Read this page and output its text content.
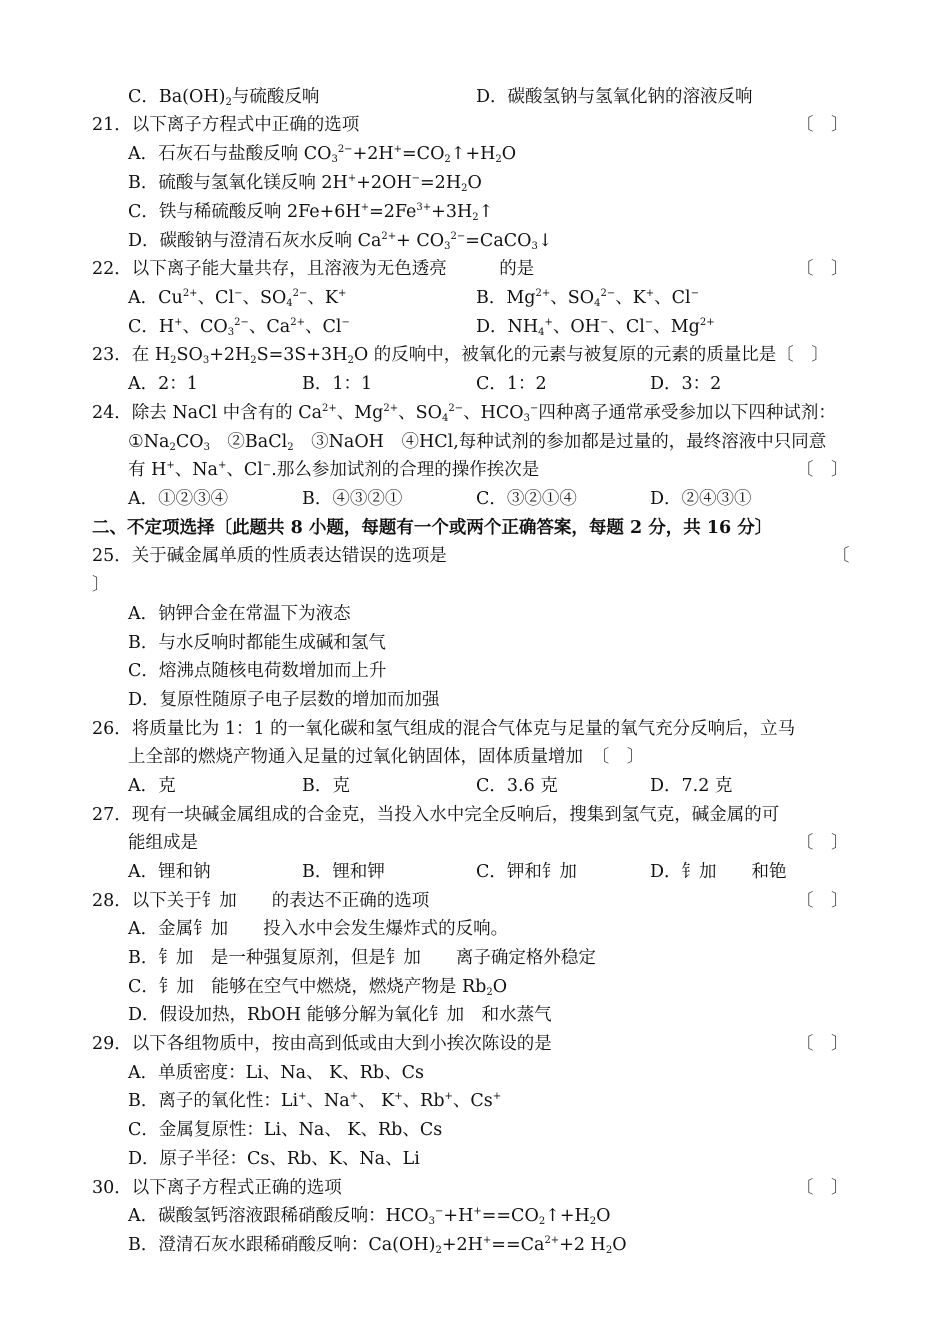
C．$Ba(OH)_2$与硫酸反响	D．碳酸氢钠与氢氧化钠的溶液反响
21．以下离子方程式中正确的选项
A．石灰石与盐酸反响 $CO_3^{2-}+2H^+=CO_2↑+H_2O$
B．硫酸与氢氧化镁反响 $2H^++2OH^-=2H_2O$
C．铁与稀硫酸反响 $2Fe+6H^+=2Fe^{3+}+3H_2↑$
D．碳酸钠与澄清石灰水反响 $Ca^{2+}+$ $CO_3^{2-}=CaCO_3↓$
22．以下离子能大量共存，且溶液为无色透亮　　　的是
A．$Cu^{2+}$、Cl−、$SO_4^{2-}$、K+	B．$Mg^{2+}$、$SO_4^{2-}$、K+、Cl−
C．H+、$CO_3^{2-}$、$Ca^{2+}$、Cl−	D．$NH_4^+$、OH−、Cl−、$Mg^{2+}$
23．在 $H_2SO_3+2H_2S=3S+3H_2O$ 的反响中，被氧化的元素与被复原的元素的质量比是〔　〕
A．2：1	B．1：1	C．1：2	D．3：2
24．除去 NaCl 中含有的 $Ca^{2+}$、$Mg^{2+}$、$SO_4^{2-}$、$HCO_3^-$四种离子通常承受参加以下四种试剂：
$①Na_2CO_3$　②BaCl$_2$　③NaOH　④HCl,每种试剂的参加都是过量的，最终溶液中只同意
有 H+、Na+、Cl−.那么参加试剂的合理的操作挨次是
A．①②③④	B．④③②①	C．③②①④	D．②④③①
二、不定项选择〔此题共 8 小题，每题有一个或两个正确答案，每题 2 分，共 16 分〕
25．关于碱金属单质的性质表达错误的选项是
〕
A．钠钾合金在常温下为液态
B．与水反响时都能生成碱和氢气
C．熔沸点随核电荷数增加而上升
D．复原性随原子电子层数的增加而加强
26．将质量比为 1：1 的一氧化碳和氢气组成的混合气体克与足量的氧气充分反响后，立马
上全部的燃烧产物通入足量的过氧化钠固体，固体质量增加　〔　〕
A．克	B．克	C．3.6 克	D．7.2 克
27．现有一块碱金属组成的合金克，当投入水中完全反响后，搜集到氢气克，碱金属的可
能组成是
A．锂和钠	B．锂和钾	C．钾和钅加	D．钅加　　和铯
28．以下关于钅加　　的表达不正确的选项
A．金属钅加　　投入水中会发生爆炸式的反响。
B．钅加　是一种强复原剂，但是钅加　　离子确定格外稳定
C．钅加　能够在空气中燃烧，燃烧产物是 $Rb_2O$
D．假设加热，RbOH 能够分解为氧化钅加　和水蒸气
29．以下各组物质中，按由高到低或由大到小挨次陈设的是
A．单质密度：Li、Na、 K、Rb、Cs
B．离子的氧化性：Li+、Na+、 K+、Rb+、Cs+
C．金属复原性：Li、Na、 K、Rb、Cs
D．原子半径：Cs、Rb、K、Na、Li
30．以下离子方程式正确的选项
A．碳酸氢钙溶液跟稀硝酸反响：$HCO_3^-+H^+==CO_2↑+H_2O$
B．澄清石灰水跟稀硝酸反响：$Ca(OH)_2+2H^+==Ca^{2+}+2$ $H_2O$
〔　〕
〔　〕
〔　〕
〔
〔　〕
〔　〕
〔　〕
〔　〕
